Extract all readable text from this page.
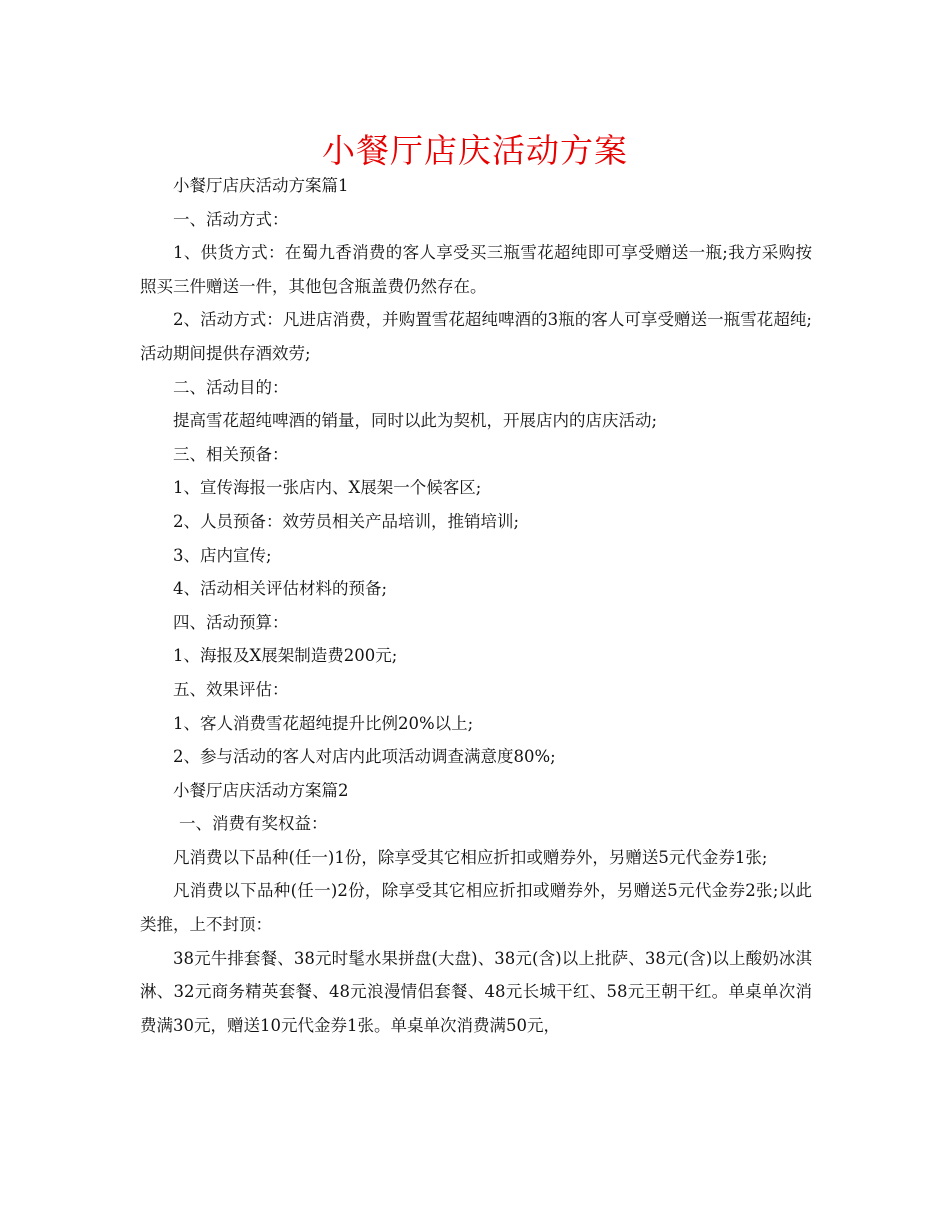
小餐厅店庆活动方案

小餐厅店庆活动方案篇1

一、活动方式：

1、供货方式：在蜀九香消费的客人享受买三瓶雪花超纯即可享受赠送一瓶;我方采购按照买三件赠送一件，其他包含瓶盖费仍然存在。

2、活动方式：凡进店消费，并购置雪花超纯啤酒的3瓶的客人可享受赠送一瓶雪花超纯;活动期间提供存酒效劳;

二、活动目的：

提高雪花超纯啤酒的销量，同时以此为契机，开展店内的店庆活动;

三、相关预备：

1、宣传海报一张店内、X展架一个候客区;

2、人员预备：效劳员相关产品培训，推销培训;

3、店内宣传;

4、活动相关评估材料的预备;

四、活动预算：

1、海报及X展架制造费200元;

五、效果评估：

1、客人消费雪花超纯提升比例20%以上;

2、参与活动的客人对店内此项活动调查满意度80%;

小餐厅店庆活动方案篇2

一、消费有奖权益：

凡消费以下品种(任一)1份，除享受其它相应折扣或赠券外，另赠送5元代金券1张;

凡消费以下品种(任一)2份，除享受其它相应折扣或赠券外，另赠送5元代金券2张;以此类推，上不封顶：

38元牛排套餐、38元时髦水果拼盘(大盘)、38元(含)以上批萨、38元(含)以上酸奶冰淇淋、32元商务精英套餐、48元浪漫情侣套餐、48元长城干红、58元王朝干红。单桌单次消费满30元，赠送10元代金券1张。单桌单次消费满50元，
